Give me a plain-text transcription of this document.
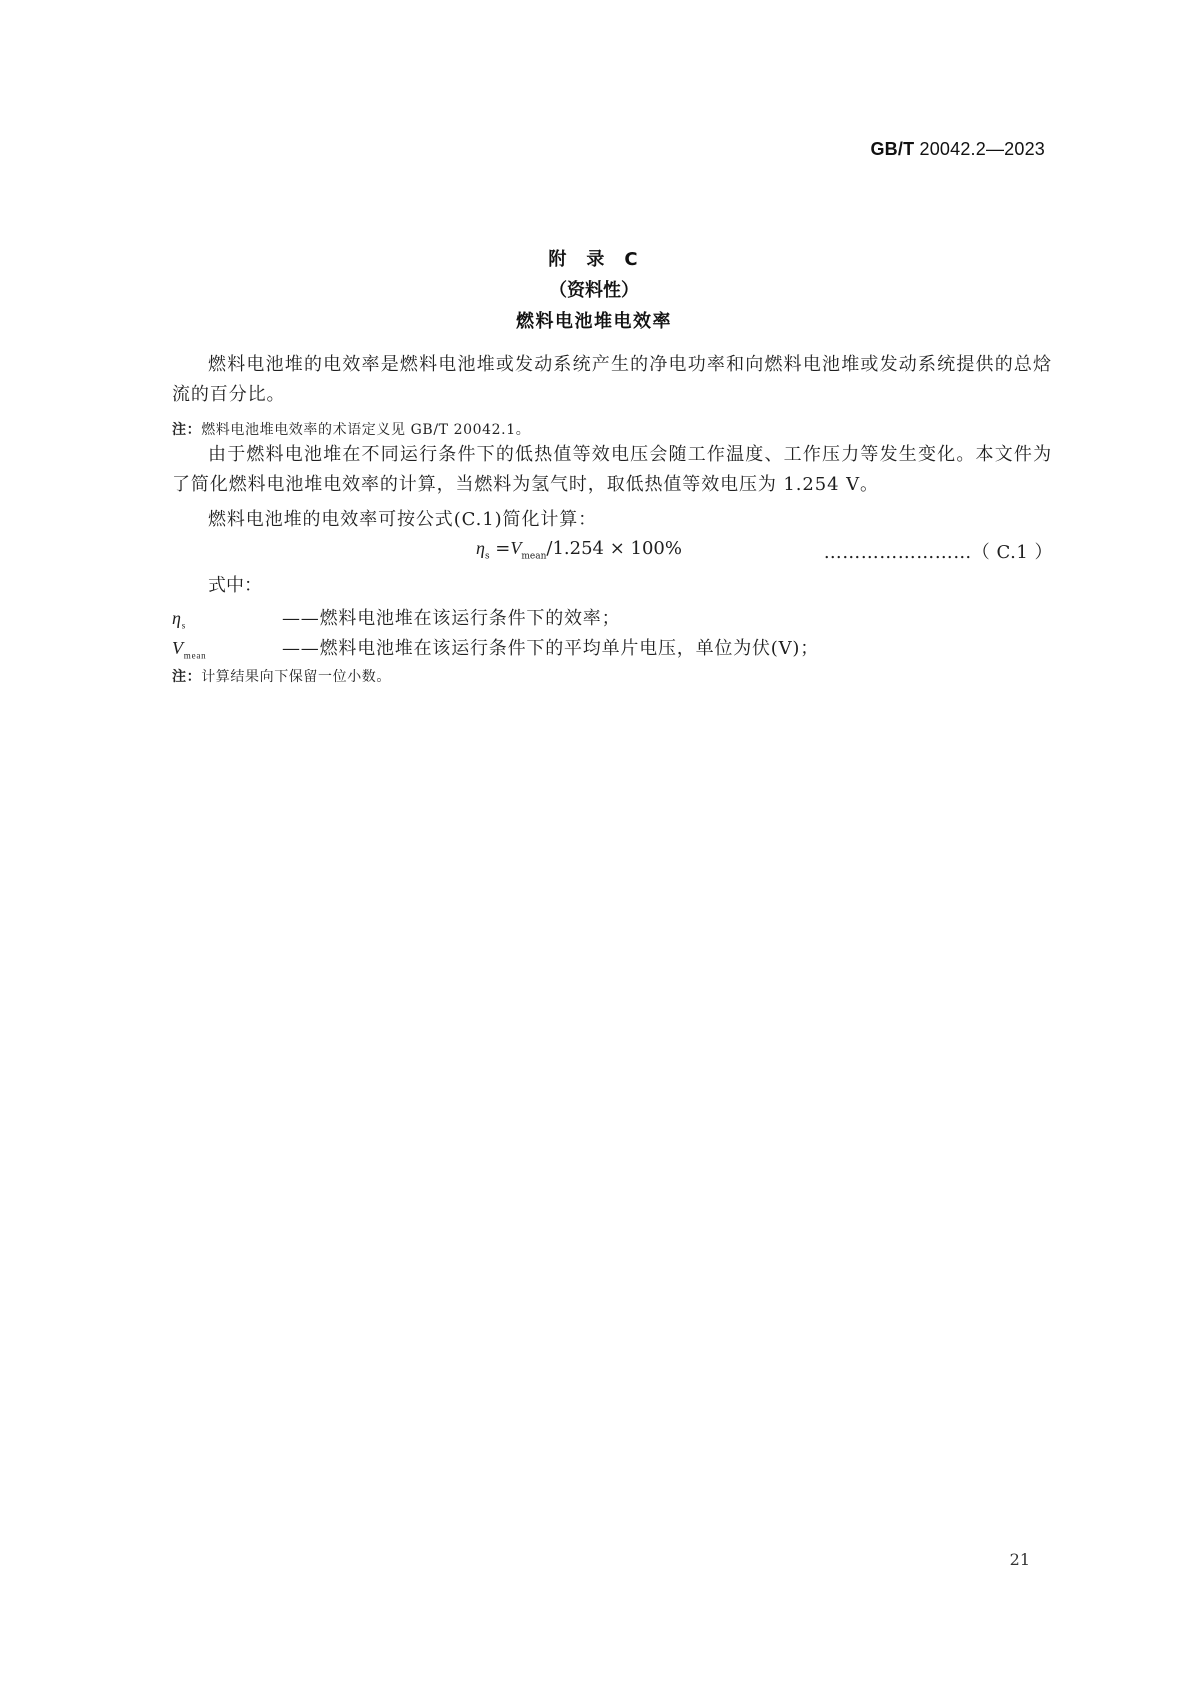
GB/T 20042.2—2023
附 录 C
（资料性）
燃料电池堆电效率
燃料电池堆的电效率是燃料电池堆或发动系统产生的净电功率和向燃料电池堆或发动系统提供的总焓流的百分比。
注：燃料电池堆电效率的术语定义见 GB/T 20042.1。
由于燃料电池堆在不同运行条件下的低热值等效电压会随工作温度、工作压力等发生变化。本文件为了简化燃料电池堆电效率的计算，当燃料为氢气时，取低热值等效电压为 1.254 V。
燃料电池堆的电效率可按公式(C.1)简化计算：
$\eta_s =V_{mean}/1.254 \times 100\%$	……………………（ C.1 ）
式中：
$\eta_s$	——燃料电池堆在该运行条件下的效率；
$V_{mean}$	——燃料电池堆在该运行条件下的平均单片电压，单位为伏(V)；
注：计算结果向下保留一位小数。
21
